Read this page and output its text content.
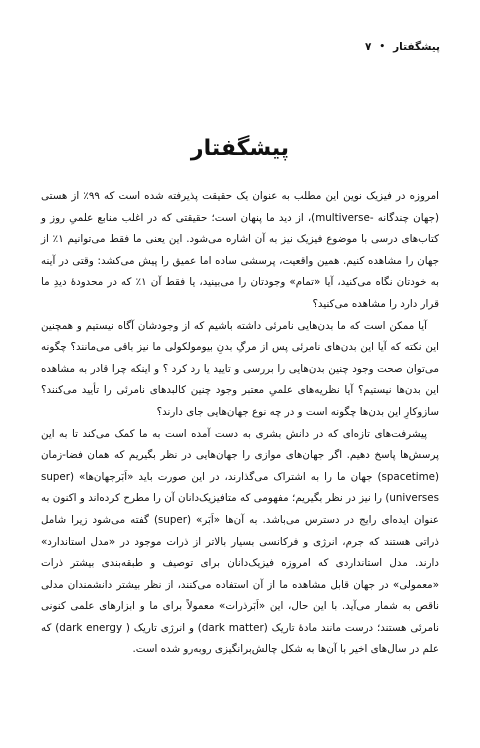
پیشگفتار
•
۷
پیشگفتار

امروزه در فیزیک نوین این مطلب به عنوان یک حقیقت پذیرفته شده است که ۹۹٪ از هستی (جهان چندگانه -multiverse)، از دید ما پنهان است؛ حقیقتی که در اغلب منابع علمیِ روز و کتاب‌های درسی با موضوع فیزیک نیز به آن اشاره می‌شود. این یعنی ما فقط می‌توانیم ۱٪ از جهان را مشاهده کنیم. همین واقعیت، پرسشی ساده اما عمیق را پیش می‌کشد: وقتی در آینه به خودتان نگاه می‌کنید، آیا «تمام» وجودتان را می‌بینید، یا فقط آن ۱٪ که در محدودۀ دیدِ ما قرار دارد را مشاهده می‌کنید؟

آیا ممکن است که ما بدن‌هایی نامرئی داشته باشیم که از وجودشان آگاه نیستیم و همچنین این نکته که آیا این بدن‌های نامرئی پس از مرگِ بدنِ بیومولکولی ما نیز باقی می‌مانند؟ چگونه می‌توان صحت وجود چنین بدن‌هایی را بررسی و تایید یا رد کرد ؟ و اینکه چرا قادر به مشاهده این بدن‌ها نیستیم؟ آیا نظریه‌های علمیِ معتبر وجود چنین کالبدهای نامرئی را تأیید می‌کنند؟ سازوکارِ این بدن‌ها چگونه است و در چه نوع جهان‌هایی جای دارند؟

پیشرفت‌های تازه‌ای که در دانش بشری به دست آمده است به ما کمک می‌کند تا به این پرسش‌ها پاسخ دهیم. اگر جهان‌های موازی را جهان‌هایی در نظر بگیریم که همان فضا-زمان (spacetime) جهان ما را به اشتراک می‌گذارند، در این صورت باید «اَبَرجهان‌ها» (super universes) را نیز در نظر بگیریم؛ مفهومی که متافیزیک‌دانان آن را مطرح کرده‌اند و اکنون به عنوان ایده‌ای رایج در دسترس می‌باشد. به آن‌ها «اَبَر» (super) گفته می‌شود زیرا شامل ذراتی هستند که جرم، انرژی و فرکانسی بسیار بالاتر از ذرات موجود در «مدل استاندارد» دارند. مدل استانداردی که امروزه فیزیک‌دانان برای توصیف و طبقه‌بندی بیشتر ذرات «معمولی» در جهان قابل مشاهده ما از آن استفاده می‌کنند، از نظر بیشتر دانشمندان مدلی ناقص به شمار می‌آید. با این حال، این «اَبَرذرات» معمولاً برای ما و ابزارهای علمی کنونی نامرئی هستند؛ درست مانند مادۀ تاریک (dark matter) و انرژی تاریک ( dark energy) که علم در سال‌های اخیر با آن‌ها به شکل چالش‌برانگیزی روبه‌رو شده است.
